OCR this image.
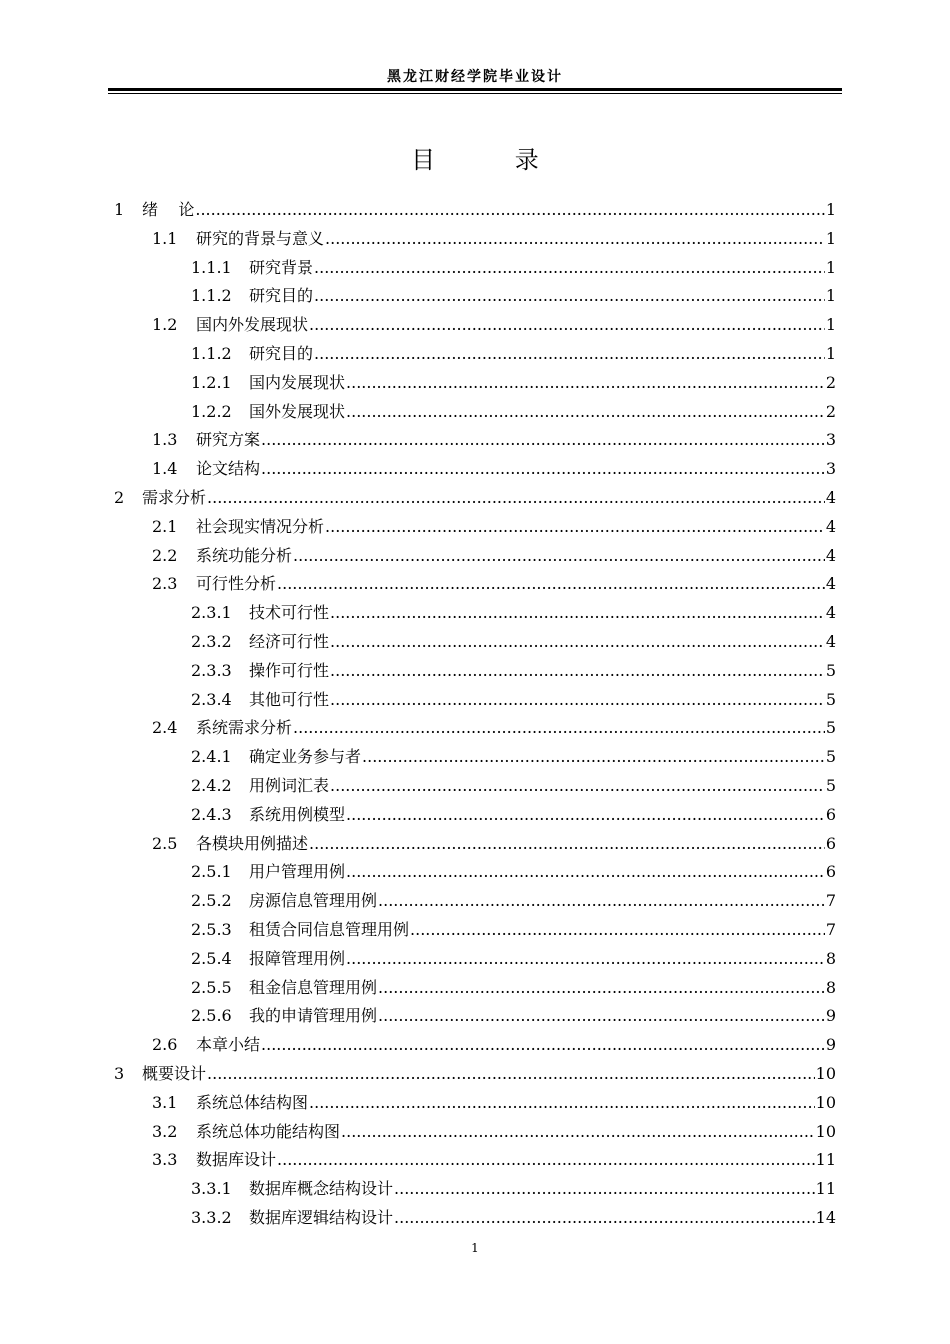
黑龙江财经学院毕业设计
目 录
1	绪    论 .....	1
1.1	研究的背景与意义 .....	1
1.1.1	研究背景 .....	1
1.1.2	研究目的 .....	1
1.2	国内外发展现状 .....	1
1.1.2	研究目的 .....	1
1.2.1	国内发展现状 .....	2
1.2.2	国外发展现状 .....	2
1.3	研究方案 .....	3
1.4	论文结构 .....	3
2	需求分析 .....	4
2.1	社会现实情况分析 .....	4
2.2	系统功能分析 .....	4
2.3	可行性分析 .....	4
2.3.1	技术可行性 .....	4
2.3.2	经济可行性 .....	4
2.3.3	操作可行性 .....	5
2.3.4	其他可行性 .....	5
2.4	系统需求分析 .....	5
2.4.1	确定业务参与者 .....	5
2.4.2	用例词汇表 .....	5
2.4.3	系统用例模型 .....	6
2.5	各模块用例描述 .....	6
2.5.1	用户管理用例 .....	6
2.5.2	房源信息管理用例 .....	7
2.5.3	租赁合同信息管理用例 .....	7
2.5.4	报障管理用例 .....	8
2.5.5	租金信息管理用例 .....	8
2.5.6	我的申请管理用例 .....	9
2.6	本章小结 .....	9
3	概要设计 .....	10
3.1	系统总体结构图 .....	10
3.2	系统总体功能结构图 .....	10
3.3	数据库设计 .....	11
3.3.1	数据库概念结构设计 .....	11
3.3.2	数据库逻辑结构设计 .....	14
1
